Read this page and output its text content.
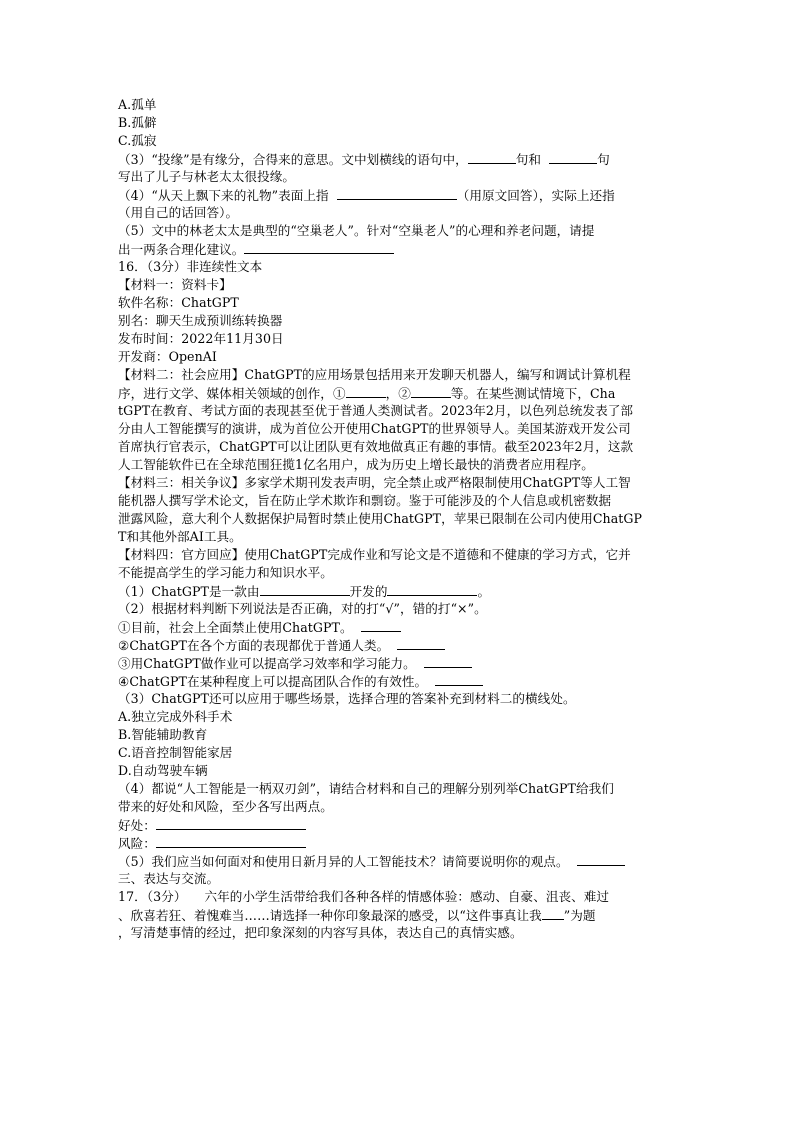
A.孤单
B.孤僻
C.孤寂
（3）“投缘”是有缘分，合得来的意思。文中划横线的语句中，	句和	句
写出了儿子与林老太太很投缘。
（4）“从天上飘下来的礼物”表面上指	（用原文回答），实际上还指
（用自己的话回答）。
（5）文中的林老太太是典型的“空巢老人”。针对“空巢老人”的心理和养老问题，请提
出一两条合理化建议。
16．（3分）非连续性文本
【材料一：资料卡】
软件名称：ChatGPT
别名：聊天生成预训练转换器
发布时间：2022年11月30日
开发商：OpenAI
【材料二：社会应用】ChatGPT的应用场景包括用来开发聊天机器人，编写和调试计算机程
序，进行文学、媒体相关领域的创作，①	，②	等。在某些测试情境下，Cha
tGPT在教育、考试方面的表现甚至优于普通人类测试者。2023年2月，以色列总统发表了部
分由人工智能撰写的演讲，成为首位公开使用ChatGPT的世界领导人。美国某游戏开发公司
首席执行官表示，ChatGPT可以让团队更有效地做真正有趣的事情。截至2023年2月，这款
人工智能软件已在全球范围狂揽1亿名用户，成为历史上增长最快的消费者应用程序。
【材料三：相关争议】多家学术期刊发表声明，完全禁止或严格限制使用ChatGPT等人工智
能机器人撰写学术论文，旨在防止学术欺诈和剽窃。鉴于可能涉及的个人信息或机密数据
泄露风险，意大利个人数据保护局暂时禁止使用ChatGPT，苹果已限制在公司内使用ChatGP
T和其他外部AI工具。
【材料四：官方回应】使用ChatGPT完成作业和写论文是不道德和不健康的学习方式，它并
不能提高学生的学习能力和知识水平。
（1）ChatGPT是一款由	开发的	。
（2）根据材料判断下列说法是否正确，对的打“√”，错的打“×”。
①目前，社会上全面禁止使用ChatGPT。
②ChatGPT在各个方面的表现都优于普通人类。
③用ChatGPT做作业可以提高学习效率和学习能力。
④ChatGPT在某种程度上可以提高团队合作的有效性。
（3）ChatGPT还可以应用于哪些场景，选择合理的答案补充到材料二的横线处。
A.独立完成外科手术
B.智能辅助教育
C.语音控制智能家居
D.自动驾驶车辆
（4）都说“人工智能是一柄双刃剑”，请结合材料和自己的理解分别列举ChatGPT给我们
带来的好处和风险，至少各写出两点。
好处：
风险：
（5）我们应当如何面对和使用日新月异的人工智能技术？请简要说明你的观点。
三、表达与交流。
17．（3分） 六年的小学生活带给我们各种各样的情感体验：感动、自豪、沮丧、难过
、欣喜若狂、着愧难当……请选择一种你印象最深的感受，以“这件事真让我 ”为题
，写清楚事情的经过，把印象深刻的内容写具体，表达自己的真情实感。
